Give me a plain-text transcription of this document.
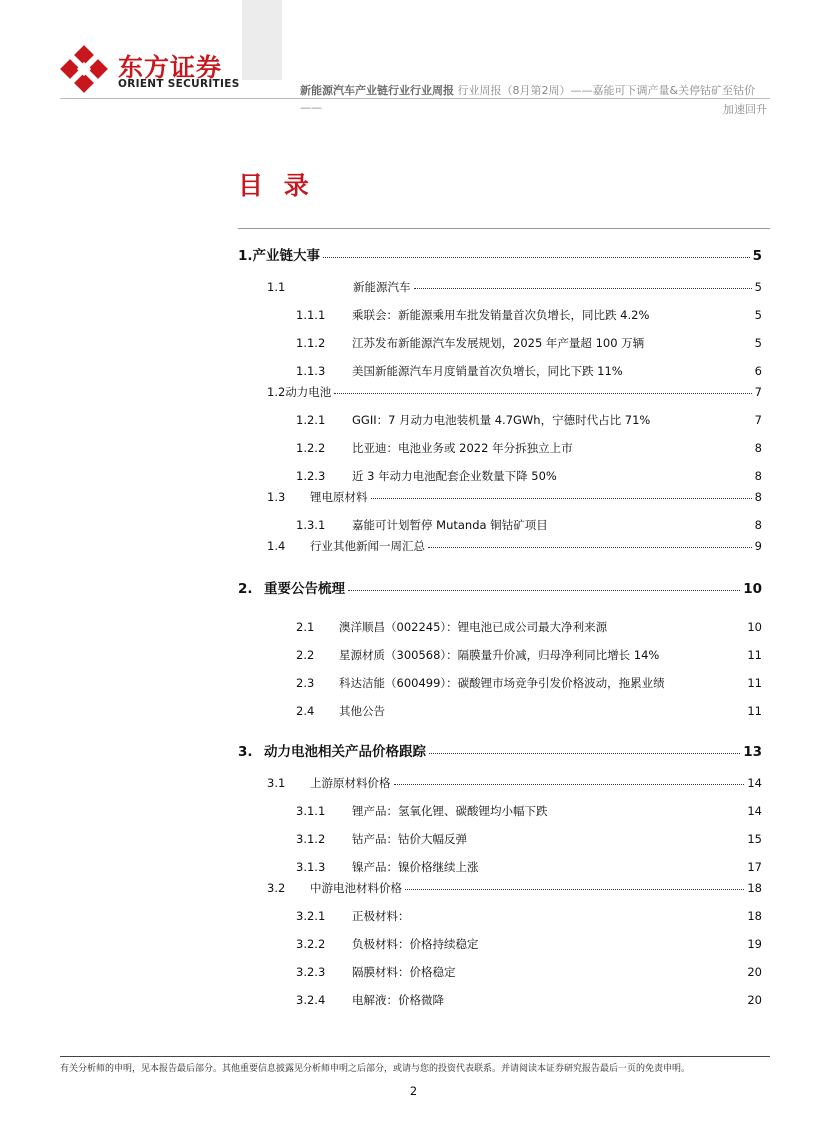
东方证券
ORIENT SECURITIES	新能源汽车产业链行业行业周报 行业周报（8月第2周）——嘉能可下调产量&关停钴矿至钴价
——	加速回升
目 录
1. 产业链大事	5
1.1	新能源汽车	5
1.1.1	乘联会：新能源乘用车批发销量首次负增长，同比跌 4.2%	5
1.1.2	江苏发布新能源汽车发展规划，2025 年产量超 100 万辆	5
1.1.3	美国新能源汽车月度销量首次负增长，同比下跌 11%	6
1.2 动力电池	7
1.2.1	GGII：7 月动力电池装机量 4.7GWh，宁德时代占比 71%	7
1.2.2	比亚迪：电池业务或 2022 年分拆独立上市	8
1.2.3	近 3 年动力电池配套企业数量下降 50%	8
1.3	锂电原材料	8
1.3.1	嘉能可计划暂停 Mutanda 铜钴矿项目	8
1.4	行业其他新闻一周汇总	9
2. 重要公告梳理	10
2.1	澳洋顺昌（002245）：锂电池已成公司最大净利来源	10
2.2	星源材质（300568）：隔膜量升价减，归母净利同比增长 14%	11
2.3	科达洁能（600499）：碳酸锂市场竞争引发价格波动，拖累业绩	11
2.4	其他公告	11
3. 动力电池相关产品价格跟踪	13
3.1	上游原材料价格	14
3.1.1	锂产品：氢氧化锂、碳酸锂均小幅下跌	14
3.1.2	钴产品：钴价大幅反弹	15
3.1.3	镍产品：镍价格继续上涨	17
3.2	中游电池材料价格	18
3.2.1	正极材料：	18
3.2.2	负极材料：价格持续稳定	19
3.2.3	隔膜材料：价格稳定	20
3.2.4	电解液：价格微降	20
有关分析师的申明，见本报告最后部分。其他重要信息披露见分析师申明之后部分，或请与您的投资代表联系。并请阅读本证券研究报告最后一页的免责申明。
2
